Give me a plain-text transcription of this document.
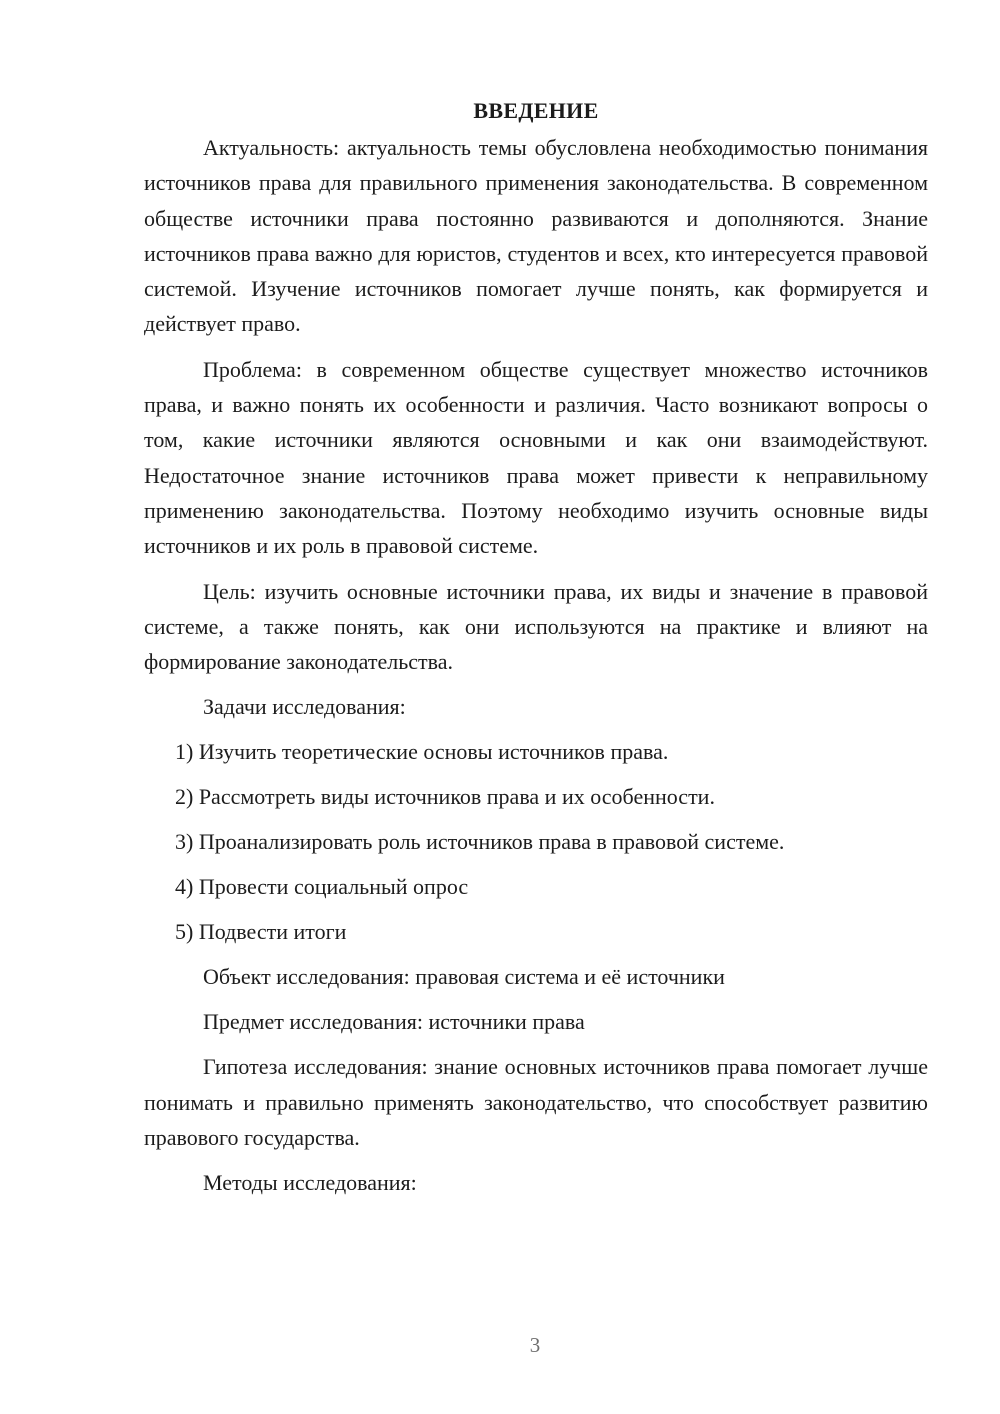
ВВЕДЕНИЕ

Актуальность: актуальность темы обусловлена необходимостью понимания источников права для правильного применения законодательства. В современном обществе источники права постоянно развиваются и дополняются. Знание источников права важно для юристов, студентов и всех, кто интересуется правовой системой. Изучение источников помогает лучше понять, как формируется и действует право.

Проблема: в современном обществе существует множество источников права, и важно понять их особенности и различия. Часто возникают вопросы о том, какие источники являются основными и как они взаимодействуют. Недостаточное знание источников права может привести к неправильному применению законодательства. Поэтому необходимо изучить основные виды источников и их роль в правовой системе.

Цель: изучить основные источники права, их виды и значение в правовой системе, а также понять, как они используются на практике и влияют на формирование законодательства.

Задачи исследования:

1) Изучить теоретические основы источников права.

2) Рассмотреть виды источников права и их особенности.

3) Проанализировать роль источников права в правовой системе.

4) Провести социальный опрос

5) Подвести итоги

Объект исследования: правовая система и её источники

Предмет исследования: источники права

Гипотеза исследования: знание основных источников права помогает лучше понимать и правильно применять законодательство, что способствует развитию правового государства.

Методы исследования:

3
